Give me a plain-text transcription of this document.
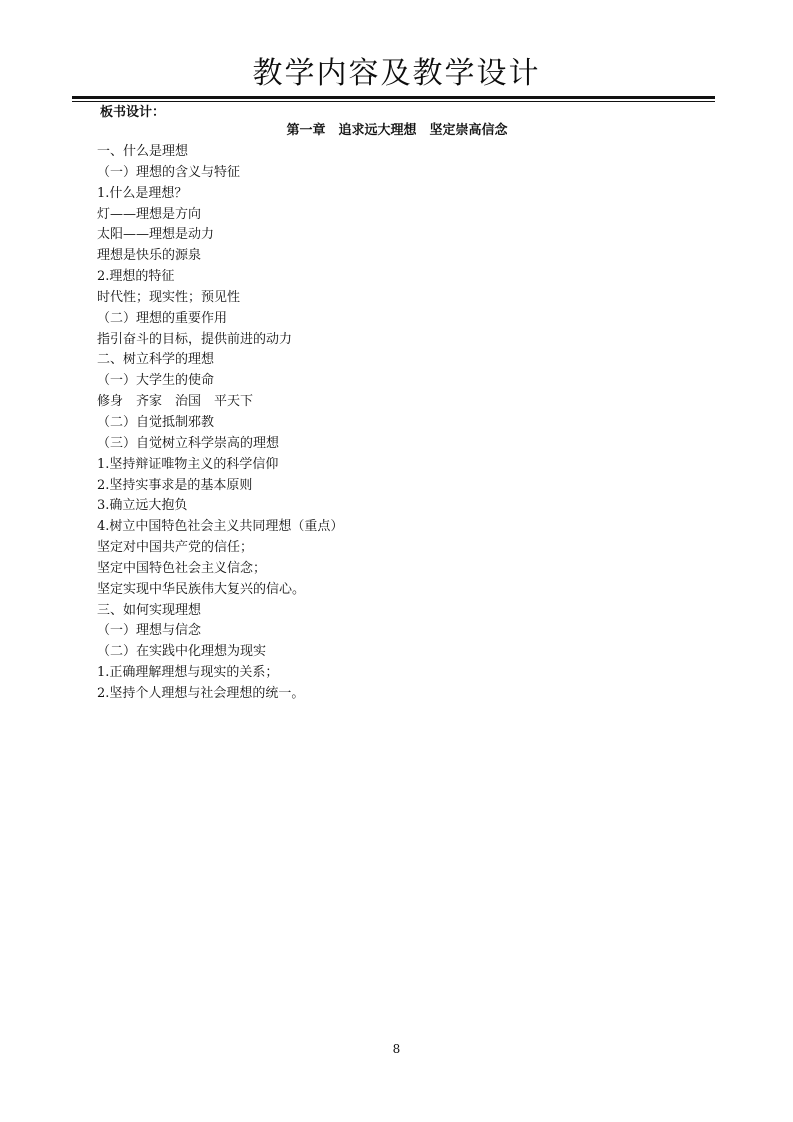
教学内容及教学设计
板书设计：
第一章　追求远大理想　坚定崇高信念
一、什么是理想
（一）理想的含义与特征
1.什么是理想？
灯——理想是方向
太阳——理想是动力
理想是快乐的源泉
2.理想的特征
时代性；现实性；预见性
（二）理想的重要作用
指引奋斗的目标，提供前进的动力
二、树立科学的理想
（一）大学生的使命
修身　齐家　治国　平天下
（二）自觉抵制邪教
（三）自觉树立科学崇高的理想
1.坚持辩证唯物主义的科学信仰
2.坚持实事求是的基本原则
3.确立远大抱负
4.树立中国特色社会主义共同理想（重点）
坚定对中国共产党的信任；
坚定中国特色社会主义信念；
坚定实现中华民族伟大复兴的信心。
三、如何实现理想
（一）理想与信念
（二）在实践中化理想为现实
1.正确理解理想与现实的关系；
2.坚持个人理想与社会理想的统一。
8
